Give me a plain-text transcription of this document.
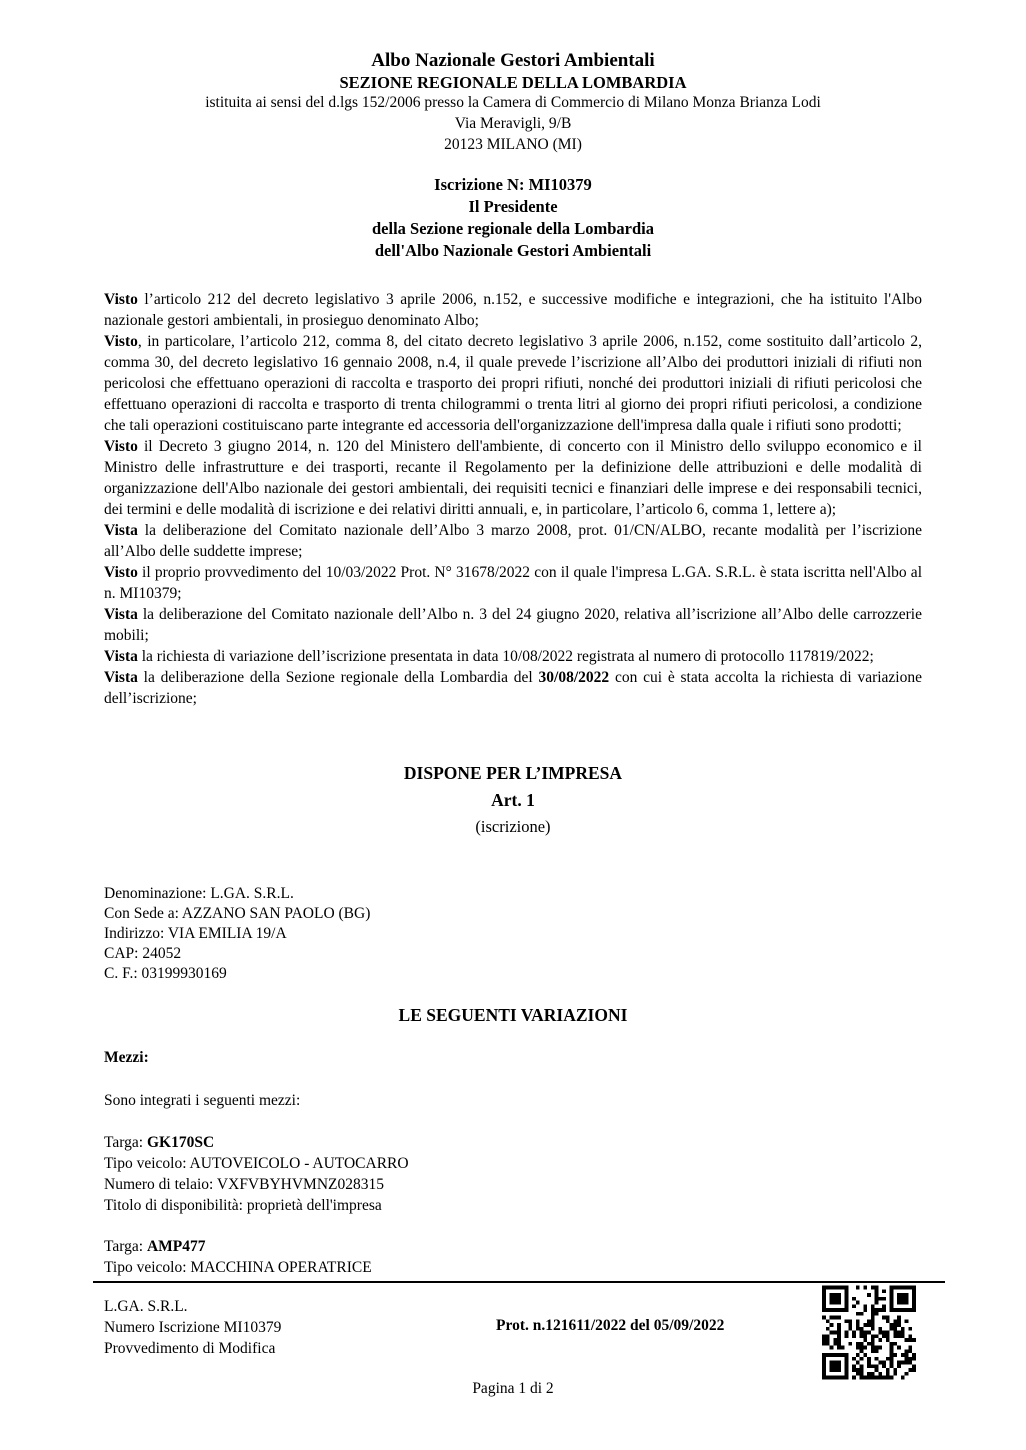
Albo Nazionale Gestori Ambientali

SEZIONE REGIONALE DELLA LOMBARDIA

istituita ai sensi del d.lgs 152/2006 presso la Camera di Commercio di Milano Monza Brianza Lodi

Via Meravigli, 9/B

20123 MILANO (MI)

Iscrizione N: MI10379

Il Presidente

della Sezione regionale della Lombardia

dell'Albo Nazionale Gestori Ambientali

Visto l’articolo 212 del decreto legislativo 3 aprile 2006, n.152, e successive modifiche e integrazioni, che ha istituito l'Albo nazionale gestori ambientali, in prosieguo denominato Albo;

Visto, in particolare, l’articolo 212, comma 8, del citato decreto legislativo 3 aprile 2006, n.152, come sostituito dall’articolo 2, comma 30, del decreto legislativo 16 gennaio 2008, n.4, il quale prevede l’iscrizione all’Albo dei produttori iniziali di rifiuti non pericolosi che effettuano operazioni di raccolta e trasporto dei propri rifiuti, nonché dei produttori iniziali di rifiuti pericolosi che effettuano operazioni di raccolta e trasporto di trenta chilogrammi o trenta litri al giorno dei propri rifiuti pericolosi, a condizione che tali operazioni costituiscano parte integrante ed accessoria dell'organizzazione dell'impresa dalla quale i rifiuti sono prodotti;

Visto il Decreto 3 giugno 2014, n. 120 del Ministero dell'ambiente, di concerto con il Ministro dello sviluppo economico e il Ministro delle infrastrutture e dei trasporti, recante il Regolamento per la definizione delle attribuzioni e delle modalità di organizzazione dell'Albo nazionale dei gestori ambientali, dei requisiti tecnici e finanziari delle imprese e dei responsabili tecnici, dei termini e delle modalità di iscrizione e dei relativi diritti annuali, e, in particolare, l’articolo 6, comma 1, lettere a);

Vista la deliberazione del Comitato nazionale dell’Albo 3 marzo 2008, prot. 01/CN/ALBO, recante modalità per l’iscrizione all’Albo delle suddette imprese;

Visto il proprio provvedimento del 10/03/2022 Prot. N° 31678/2022 con il quale l'impresa L.GA. S.R.L. è stata iscritta nell'Albo al n. MI10379;

Vista la deliberazione del Comitato nazionale dell’Albo n. 3 del 24 giugno 2020, relativa all’iscrizione all’Albo delle carrozzerie mobili;

Vista la richiesta di variazione dell’iscrizione presentata in data 10/08/2022 registrata al numero di protocollo 117819/2022;

Vista la deliberazione della Sezione regionale della Lombardia del 30/08/2022 con cui è stata accolta la richiesta di variazione dell’iscrizione;

DISPONE PER L’IMPRESA

Art. 1

(iscrizione)

Denominazione: L.GA. S.R.L.

Con Sede a: AZZANO SAN PAOLO (BG)

Indirizzo: VIA EMILIA 19/A

CAP: 24052

C. F.: 03199930169

LE SEGUENTI VARIAZIONI

Mezzi:

Sono integrati i seguenti mezzi:

Targa: GK170SC

Tipo veicolo: AUTOVEICOLO - AUTOCARRO

Numero di telaio: VXFVBYHVMNZ028315

Titolo di disponibilità: proprietà dell'impresa

Targa: AMP477

Tipo veicolo: MACCHINA OPERATRICE

L.GA. S.R.L.

Numero Iscrizione MI10379

Provvedimento di Modifica

Prot. n.121611/2022 del 05/09/2022

Pagina 1 di 2
